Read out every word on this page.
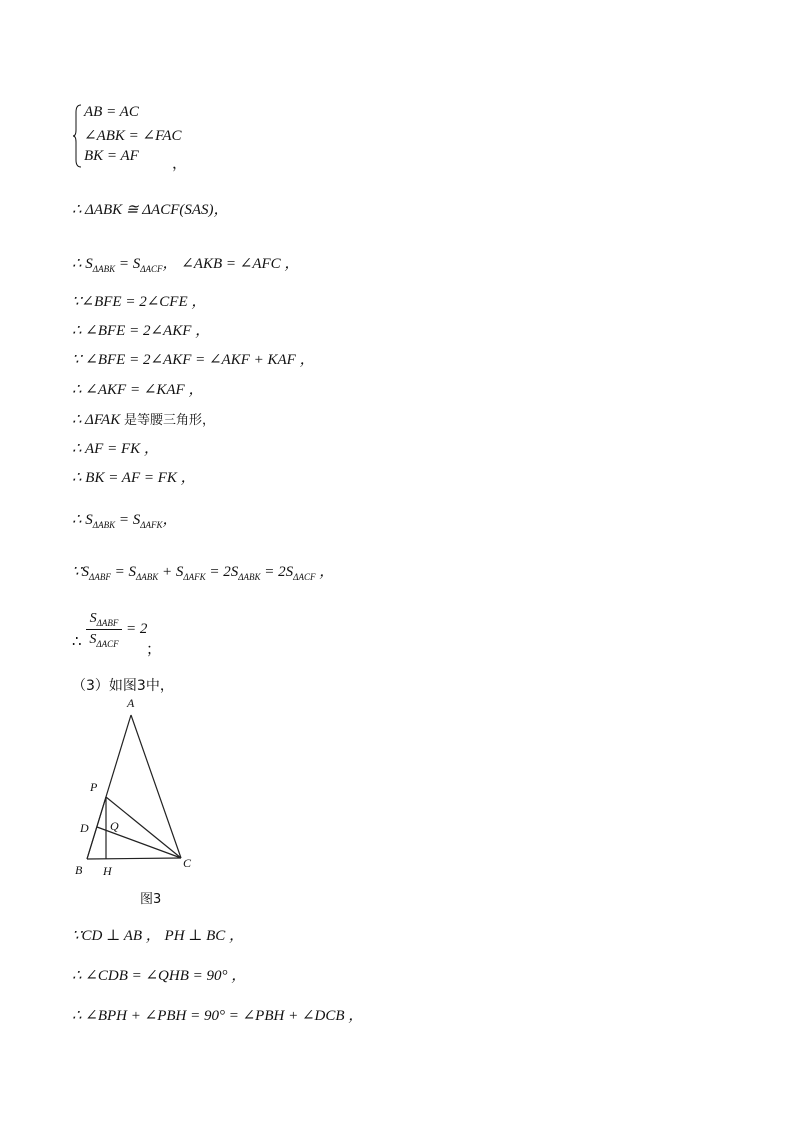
AB = AC
∠ABK = ∠FAC
BK = AF ，
∴ ΔABK ≅ ΔACF(SAS)，
∴ $S_{\Delta ABK} = S_{\Delta ACF}$， ∠AKB = ∠AFC ，
∵∠BFE = 2∠CFE ，
∴ ∠BFE = 2∠AKF ，
∵ ∠BFE = 2∠AKF = ∠AKF + KAF ，
∴ ∠AKF = ∠KAF ，
∴ ΔFAK 是等腰三角形，
∴ AF = FK ，
∴ BK = AF = FK ，
∴ $S_{\Delta ABK} = S_{\Delta AFK}$，
$\because S_{\Delta ABF} = S_{\Delta ABK} + S_{\Delta AFK} = 2S_{\Delta ABK} = 2S_{\Delta ACF}$ ，
∴
$S_{\Delta ABF}$
$S_{\Delta ACF}$
= 2
；
（3）如图3中，
A
P
D Q
B H
C
图3
∵CD ⊥ AB ， PH ⊥ BC ，
∴ ∠CDB = ∠QHB = 90° ，
∴ ∠BPH + ∠PBH = 90° = ∠PBH + ∠DCB ，
